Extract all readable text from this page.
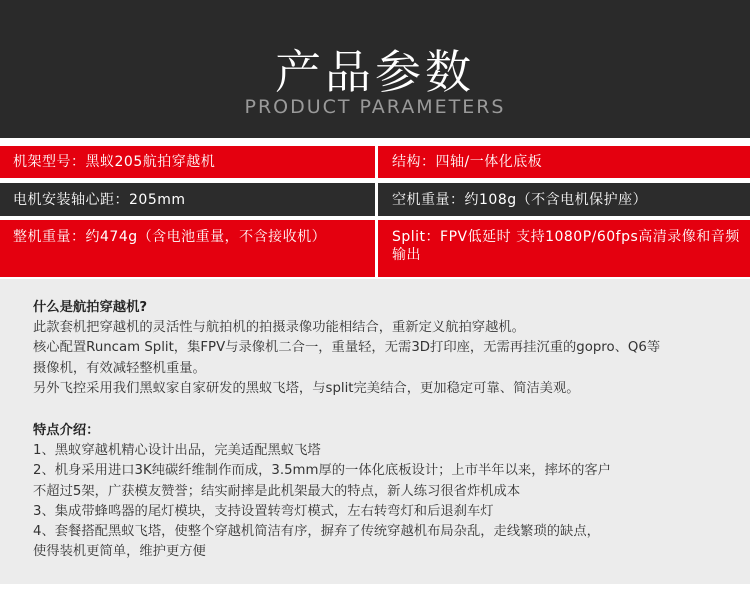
产品参数
PRODUCT PARAMETERS
机架型号：黑蚁205航拍穿越机	结构：四轴/一体化底板
电机安装轴心距：205mm	空机重量：约108g（不含电机保护座）
整机重量：约474g（含电池重量，不含接收机）	Split：FPV低延时 支持1080P/60fps高清录像和音频输出
什么是航拍穿越机?
此款套机把穿越机的灵活性与航拍机的拍摄录像功能相结合，重新定义航拍穿越机。
核心配置Runcam Split，集FPV与录像机二合一，重量轻，无需3D打印座，无需再挂沉重的gopro、Q6等
摄像机，有效减轻整机重量。
另外飞控采用我们黑蚁家自家研发的黑蚁飞塔，与split完美结合，更加稳定可靠、简洁美观。
特点介绍：
1、黑蚁穿越机精心设计出品，完美适配黑蚁飞塔
2、机身采用进口3K纯碳纤维制作而成，3.5mm厚的一体化底板设计；上市半年以来，摔坏的客户
不超过5架，广获模友赞誉；结实耐摔是此机架最大的特点，新人练习很省炸机成本
3、集成带蜂鸣器的尾灯模块，支持设置转弯灯模式，左右转弯灯和后退刹车灯
4、套餐搭配黑蚁飞塔，使整个穿越机简洁有序，摒弃了传统穿越机布局杂乱，走线繁琐的缺点，
使得装机更简单，维护更方便
